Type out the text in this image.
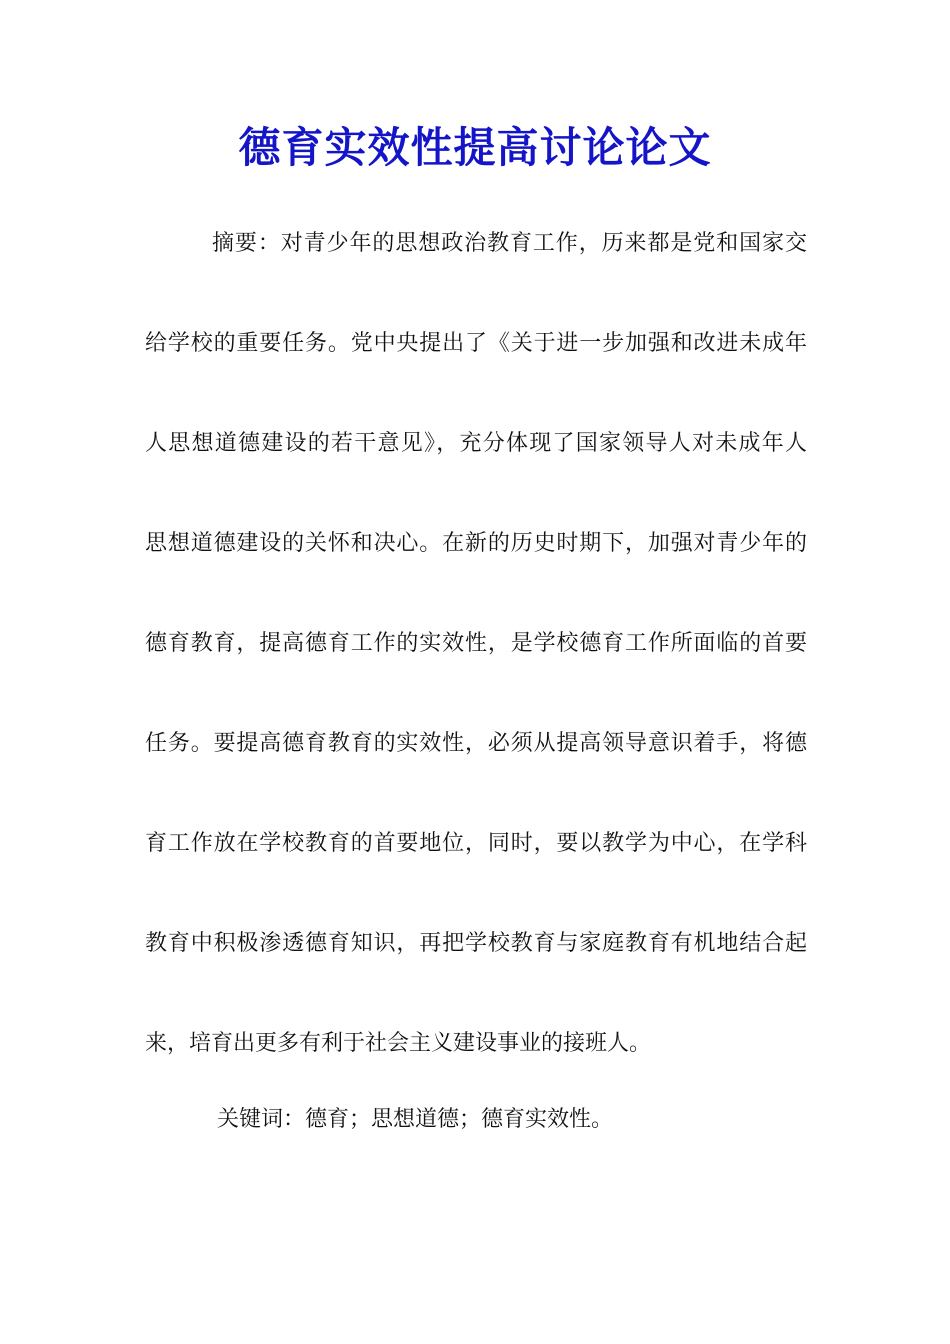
德育实效性提高讨论论文
摘要：对青少年的思想政治教育工作，历来都是党和国家交
给学校的重要任务。党中央提出了《关于进一步加强和改进未成年
人思想道德建设的若干意见》，充分体现了国家领导人对未成年人
思想道德建设的关怀和决心。在新的历史时期下，加强对青少年的
德育教育，提高德育工作的实效性，是学校德育工作所面临的首要
任务。要提高德育教育的实效性，必须从提高领导意识着手，将德
育工作放在学校教育的首要地位，同时，要以教学为中心，在学科
教育中积极渗透德育知识，再把学校教育与家庭教育有机地结合起
来，培育出更多有利于社会主义建设事业的接班人。
关键词：德育；思想道德；德育实效性。
